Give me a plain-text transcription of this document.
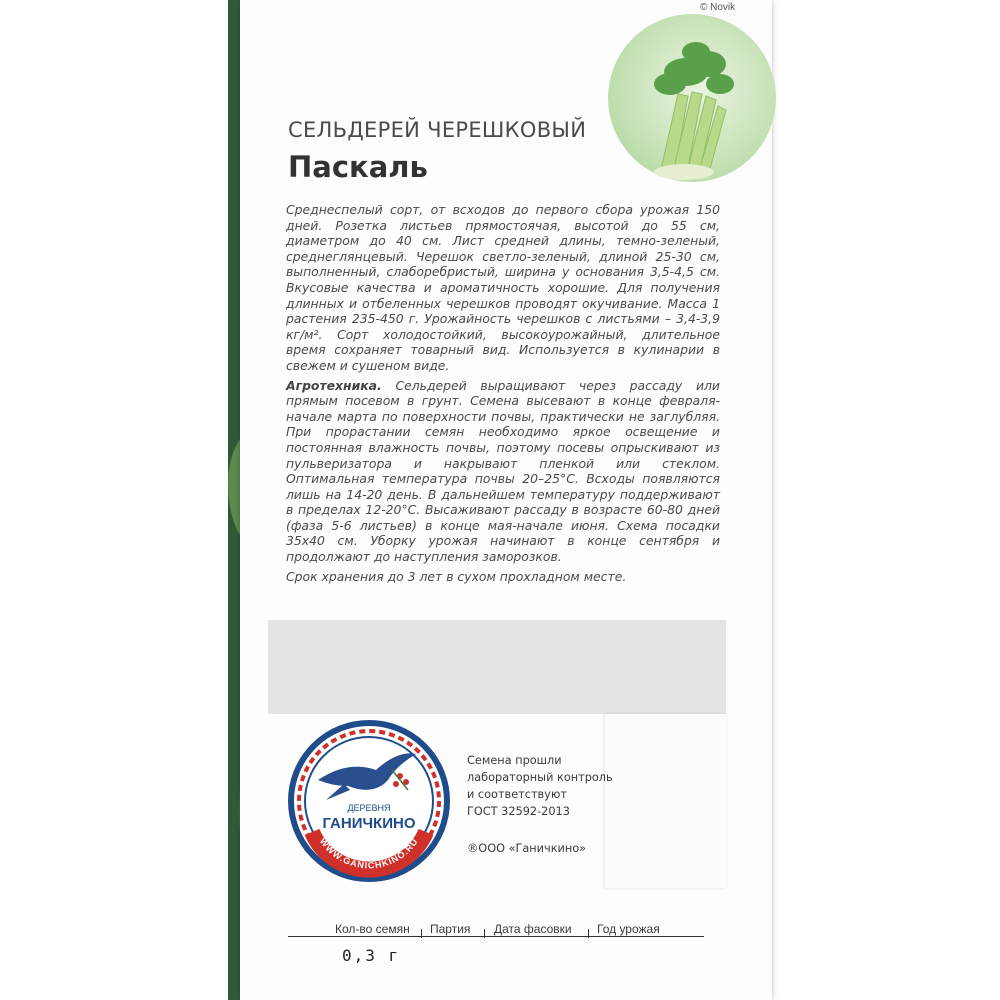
© Novik
СЕЛЬДЕРЕЙ ЧЕРЕШКОВЫЙ
Паскаль

Среднеспелый сорт, от всходов до первого сбора урожая 150 дней. Розетка листьев прямостоячая, высотой до 55 см, диаметром до 40 см. Лист средней длины, темно-зеленый, среднеглянцевый. Черешок светло-зеленый, длиной 25-30 см, выполненный, слаборебристый, ширина у основания 3,5-4,5 см. Вкусовые качества и ароматичность хорошие. Для получения длинных и отбеленных черешков проводят окучивание. Масса 1 растения 235-450 г. Урожайность черешков с листьями – 3,4-3,9 кг/м². Сорт холодостойкий, высокоурожайный, длительное время сохраняет товарный вид. Используется в кулинарии в свежем и сушеном виде.

Агротехника. Сельдерей выращивают через рассаду или прямым посевом в грунт. Семена высевают в конце февраля-начале марта по поверхности почвы, практически не заглубляя. При прорастании семян необходимо яркое освещение и постоянная влажность почвы, поэтому посевы опрыскивают из пульверизатора и накрывают пленкой или стеклом. Оптимальная температура почвы 20–25°С. Всходы появляются лишь на 14-20 день. В дальнейшем температуру поддерживают в пределах 12-20°С. Высаживают рассаду в возрасте 60-80 дней (фаза 5-6 листьев) в конце мая-начале июня. Схема посадки 35х40 см. Уборку урожая начинают в конце сентября и продолжают до наступления заморозков.

Срок хранения до 3 лет в сухом прохладном месте.

ДЕРЕВНЯ
ГАНИЧКИНО
WWW.GANICHKINO.RU
Семена прошли
лабораторный контроль
и соответствуют
ГОСТ 32592-2013
®ООО «Ганичкино»
Кол-во семян Партия Дата фасовки Год урожая
0,3 г
